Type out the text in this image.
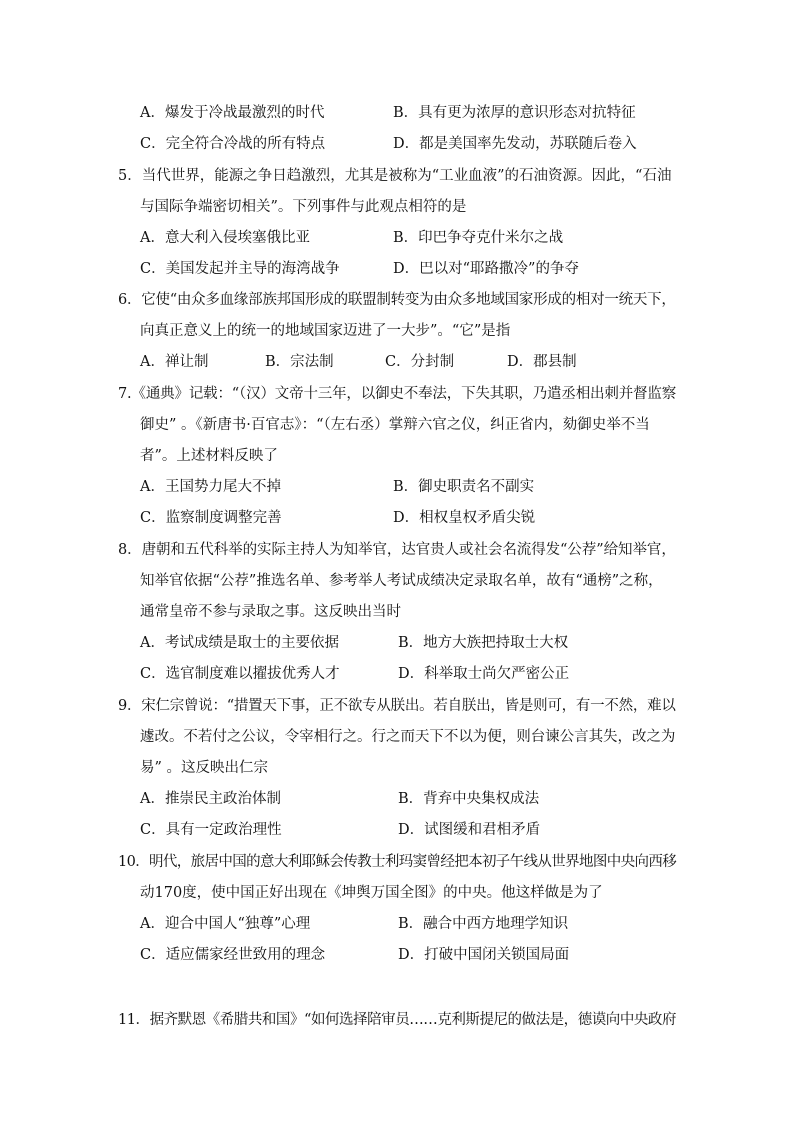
A．爆发于冷战最激烈的时代	B．具有更为浓厚的意识形态对抗特征
C．完全符合冷战的所有特点	D．都是美国率先发动，苏联随后卷入
5．当代世界，能源之争日趋激烈，尤其是被称为“工业血液”的石油资源。因此，“石油
与国际争端密切相关”。下列事件与此观点相符的是
A．意大利入侵埃塞俄比亚	B．印巴争夺克什米尔之战
C．美国发起并主导的海湾战争	D．巴以对“耶路撒冷”的争夺
6．它使“由众多血缘部族邦国形成的联盟制转变为由众多地域国家形成的相对一统天下，
向真正意义上的统一的地域国家迈进了一大步”。“它”是指
A．禅让制	B．宗法制	C．分封制	D．郡县制
7.《通典》记载：“（汉）文帝十三年，以御史不奉法，下失其职，乃遣丞相出刺并督监察
御史” 。《新唐书·百官志》：“（左右丞）掌辩六官之仪，纠正省内，劾御史举不当
者”。上述材料反映了
A．王国势力尾大不掉	B．御史职责名不副实
C．监察制度调整完善	D．相权皇权矛盾尖锐
8．唐朝和五代科举的实际主持人为知举官，达官贵人或社会名流得发“公荐”给知举官，
知举官依据“公荐”推选名单、参考举人考试成绩决定录取名单，故有“通榜”之称，
通常皇帝不参与录取之事。这反映出当时
A．考试成绩是取士的主要依据	B．地方大族把持取士大权
C．选官制度难以擢拔优秀人才	D．科举取士尚欠严密公正
9．宋仁宗曾说：“措置天下事，正不欲专从朕出。若自朕出，皆是则可，有一不然，难以
遽改。不若付之公议，令宰相行之。行之而天下不以为便，则台谏公言其失，改之为
易” 。这反映出仁宗
A．推崇民主政治体制	B．背弃中央集权成法
C．具有一定政治理性	D．试图缓和君相矛盾
10．明代，旅居中国的意大利耶稣会传教士利玛窦曾经把本初子午线从世界地图中央向西移
动170度，使中国正好出现在《坤舆万国全图》的中央。他这样做是为了
A．迎合中国人“独尊”心理	B．融合中西方地理学知识
C．适应儒家经世致用的理念	D．打破中国闭关锁国局面
11．据齐默恩《希腊共和国》“如何选择陪审员……克利斯提尼的做法是，德谟向中央政府
